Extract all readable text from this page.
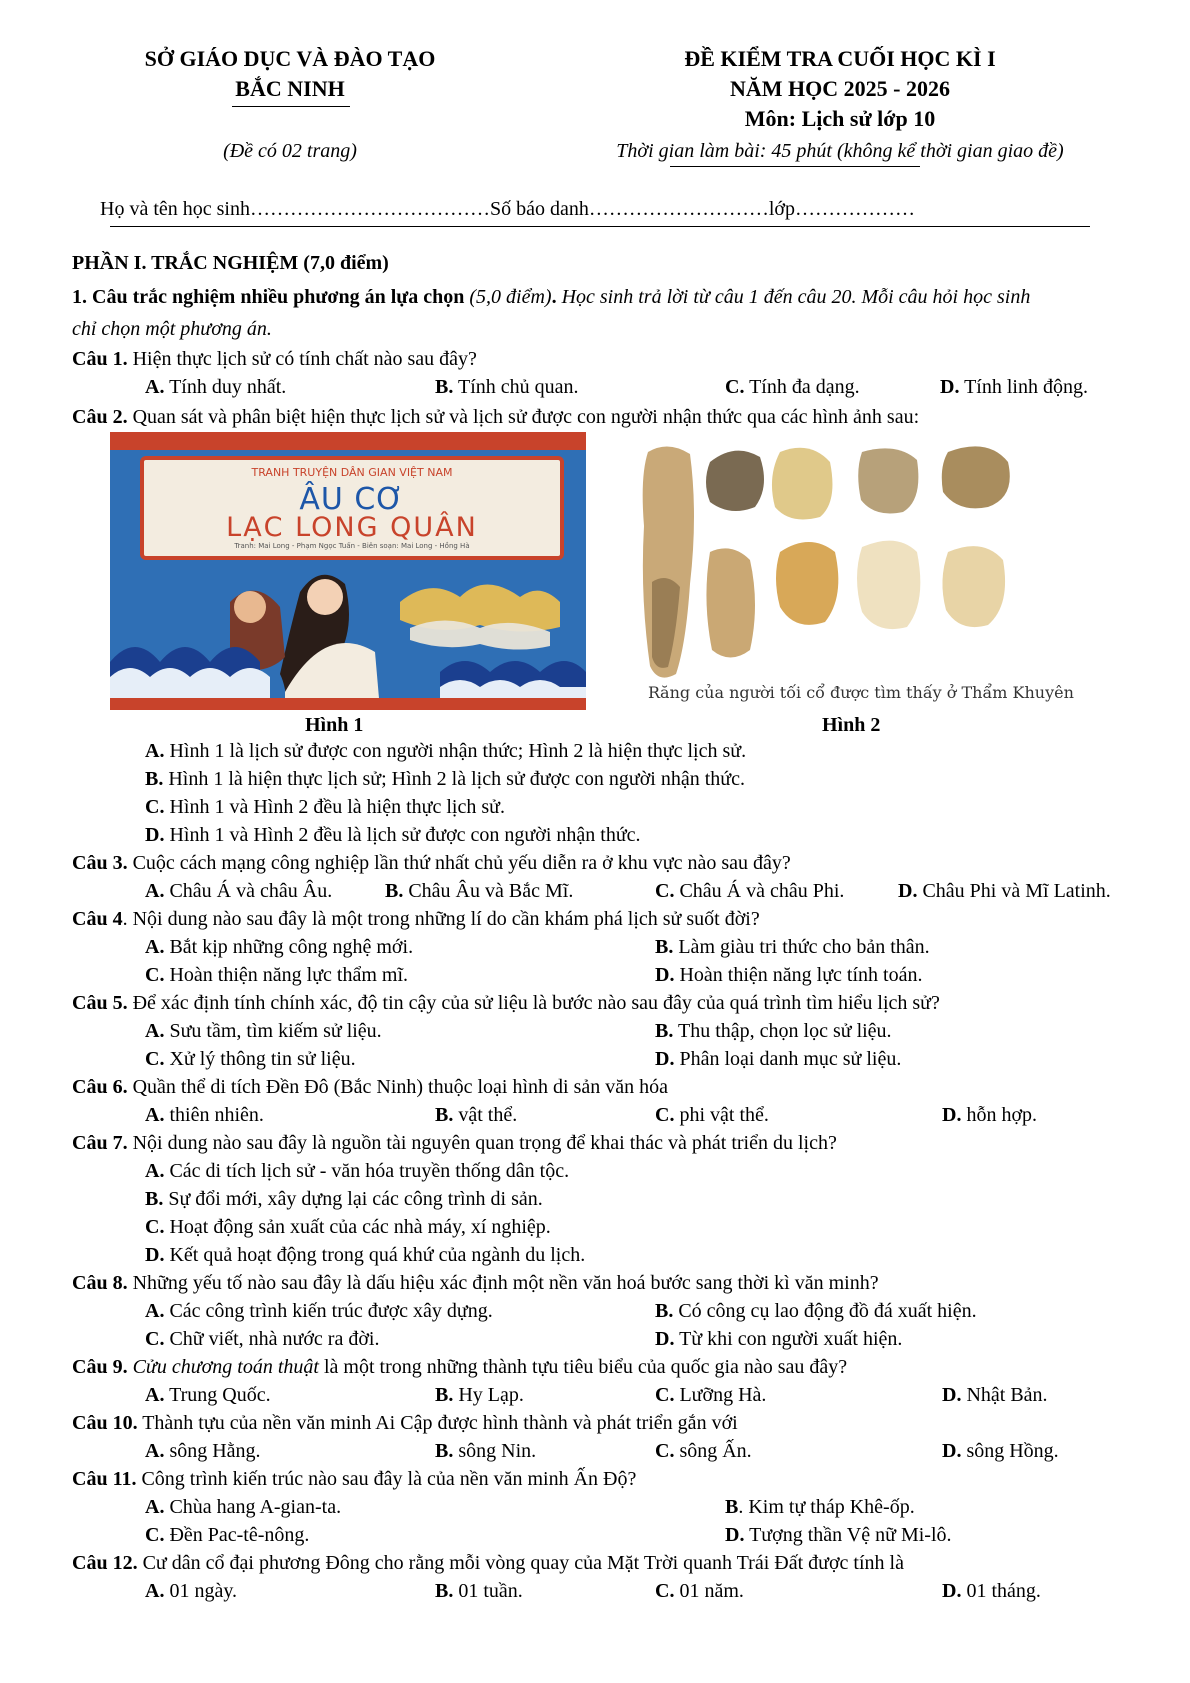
SỞ GIÁO DỤC VÀ ĐÀO TẠO
BẮC NINH
(Đề có 02 trang)
ĐỀ KIỂM TRA CUỐI HỌC KÌ I
NĂM HỌC 2025 - 2026
Môn: Lịch sử lớp 10
Thời gian làm bài: 45 phút (không kể thời gian giao đề)
Họ và tên học sinh………………………………Số báo danh………………………lớp………………
PHẦN I. TRẮC NGHIỆM (7,0 điểm)
1. Câu trắc nghiệm nhiều phương án lựa chọn (5,0 điểm). Học sinh trả lời từ câu 1 đến câu 20. Mỗi câu hỏi học sinh
chỉ chọn một phương án.
Câu 1. Hiện thực lịch sử có tính chất nào sau đây?
A. Tính duy nhất.	B. Tính chủ quan.	C. Tính đa dạng.	D. Tính linh động.
Câu 2. Quan sát và phân biệt hiện thực lịch sử và lịch sử được con người nhận thức qua các hình ảnh sau:
TRANH TRUYỆN DÂN GIAN VIỆT NAM
ÂU CƠ
LẠC LONG QUÂN
Tranh: Mai Long - Phạm Ngọc Tuấn - Biên soạn: Mai Long - Hồng Hà
Hình 1
Răng của người tối cổ được tìm thấy ở Thẩm Khuyên
Hình 2
A. Hình 1 là lịch sử được con người nhận thức; Hình 2 là hiện thực lịch sử.
B. Hình 1 là hiện thực lịch sử; Hình 2 là lịch sử được con người nhận thức.
C. Hình 1 và Hình 2 đều là hiện thực lịch sử.
D. Hình 1 và Hình 2 đều là lịch sử được con người nhận thức.
Câu 3. Cuộc cách mạng công nghiệp lần thứ nhất chủ yếu diễn ra ở khu vực nào sau đây?
A. Châu Á và châu Âu.	B. Châu Âu và Bắc Mĩ.	C. Châu Á và châu Phi.	D. Châu Phi và Mĩ Latinh.
Câu 4. Nội dung nào sau đây là một trong những lí do cần khám phá lịch sử suốt đời?
A. Bắt kịp những công nghệ mới.	B. Làm giàu tri thức cho bản thân.
C. Hoàn thiện năng lực thẩm mĩ.	D. Hoàn thiện năng lực tính toán.
Câu 5. Để xác định tính chính xác, độ tin cậy của sử liệu là bước nào sau đây của quá trình tìm hiểu lịch sử?
A. Sưu tầm, tìm kiếm sử liệu.	B. Thu thập, chọn lọc sử liệu.
C. Xử lý thông tin sử liệu.	D. Phân loại danh mục sử liệu.
Câu 6. Quần thể di tích Đền Đô (Bắc Ninh) thuộc loại hình di sản văn hóa
A. thiên nhiên.	B. vật thể.	C. phi vật thể.	D. hỗn hợp.
Câu 7. Nội dung nào sau đây là nguồn tài nguyên quan trọng để khai thác và phát triển du lịch?
A. Các di tích lịch sử - văn hóa truyền thống dân tộc.
B. Sự đổi mới, xây dựng lại các công trình di sản.
C. Hoạt động sản xuất của các nhà máy, xí nghiệp.
D. Kết quả hoạt động trong quá khứ của ngành du lịch.
Câu 8. Những yếu tố nào sau đây là dấu hiệu xác định một nền văn hoá bước sang thời kì văn minh?
A. Các công trình kiến trúc được xây dựng.	B. Có công cụ lao động đồ đá xuất hiện.
C. Chữ viết, nhà nước ra đời.	D. Từ khi con người xuất hiện.
Câu 9. Cửu chương toán thuật là một trong những thành tựu tiêu biểu của quốc gia nào sau đây?
A. Trung Quốc.	B. Hy Lạp.	C. Lưỡng Hà.	D. Nhật Bản.
Câu 10. Thành tựu của nền văn minh Ai Cập được hình thành và phát triển gắn với
A. sông Hằng.	B. sông Nin.	C. sông Ấn.	D. sông Hồng.
Câu 11. Công trình kiến trúc nào sau đây là của nền văn minh Ấn Độ?
A. Chùa hang A-gian-ta.	B. Kim tự tháp Khê-ốp.
C. Đền Pac-tê-nông.	D. Tượng thần Vệ nữ Mi-lô.
Câu 12. Cư dân cổ đại phương Đông cho rằng mỗi vòng quay của Mặt Trời quanh Trái Đất được tính là
A. 01 ngày.	B. 01 tuần.	C. 01 năm.	D. 01 tháng.
